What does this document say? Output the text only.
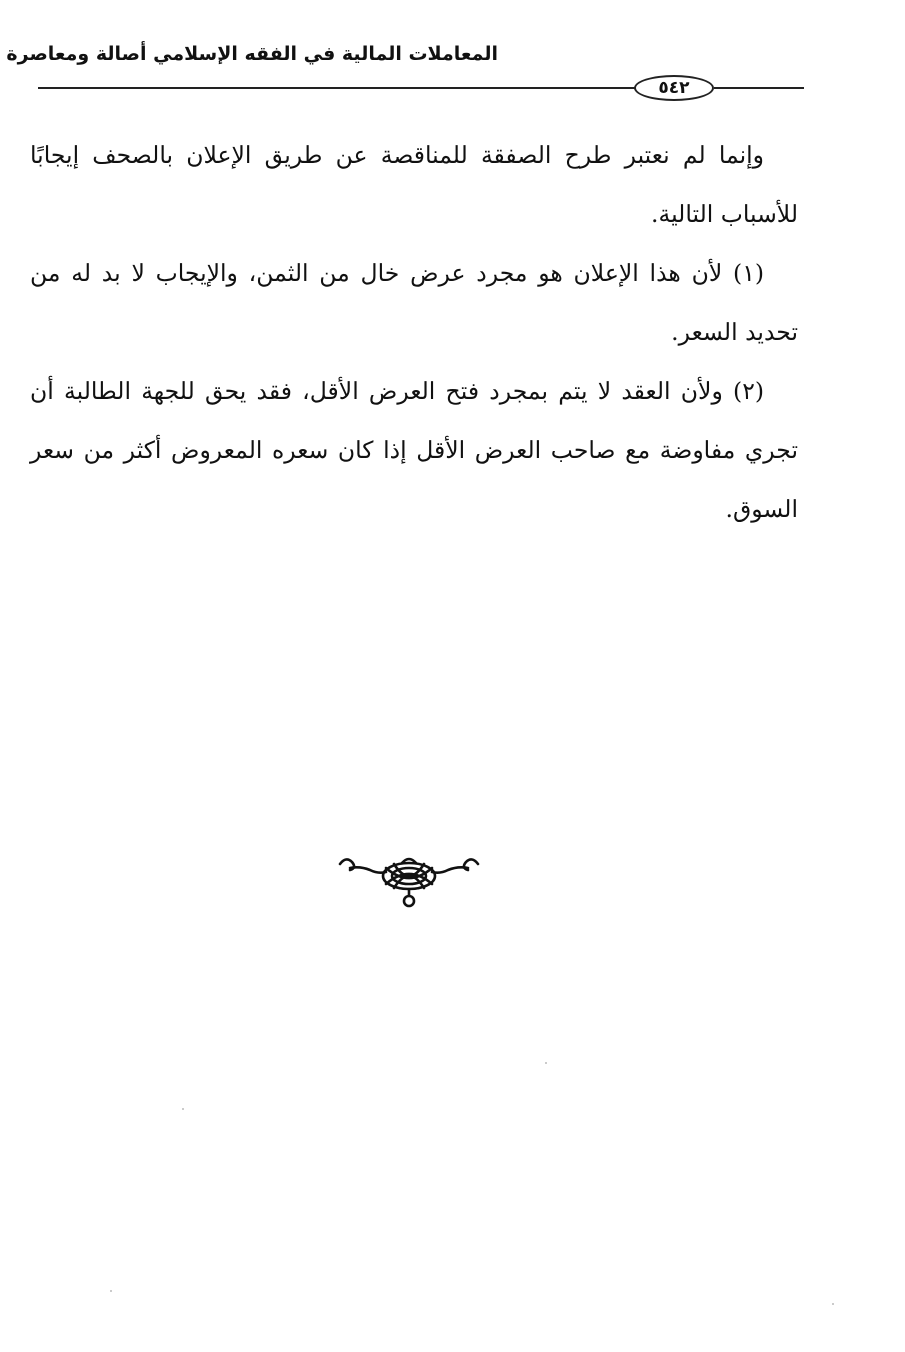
المعاملات المالية في الفقه الإسلامي أصالة ومعاصرة
٥٤٢

وإنما لم نعتبر طرح الصفقة للمناقصة عن طريق الإعلان بالصحف إيجابًا للأسباب التالية.

(١) لأن هذا الإعلان هو مجرد عرض خال من الثمن، والإيجاب لا بد له من تحديد السعر.

(٢) ولأن العقد لا يتم بمجرد فتح العرض الأقل، فقد يحق للجهة الطالبة أن تجري مفاوضة مع صاحب العرض الأقل إذا كان سعره المعروض أكثر من سعر السوق.
